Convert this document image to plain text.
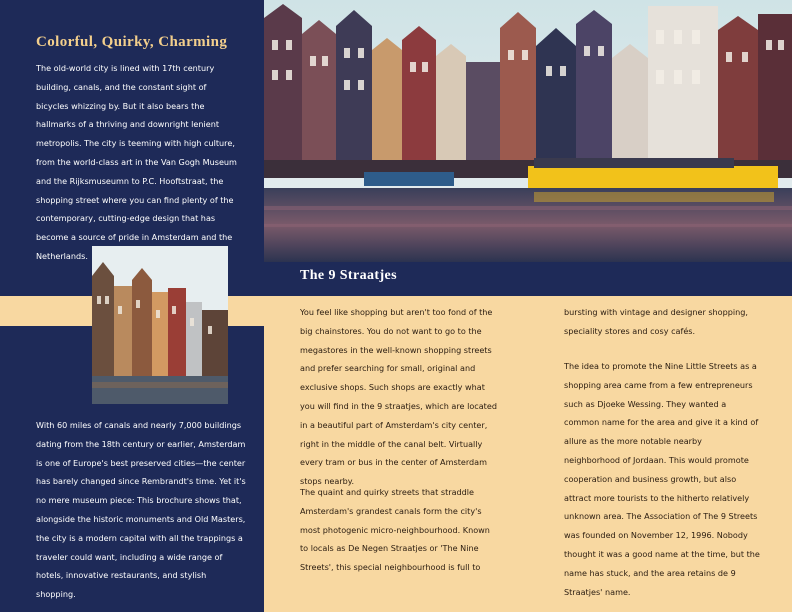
Colorful, Quirky, Charming

The old-world city is lined with 17th century building, canals, and the constant sight of bicycles whizzing by. But it also bears the hallmarks of a thriving and downright lenient metropolis. The city is teeming with high culture, from the world-class art in the Van Gogh Museum and the Rijksmuseumn to P.C. Hooftstraat, the shopping street where you can find plenty of the contemporary, cutting-edge design that has become a source of pride in Amsterdam and the Netherlands.

With 60 miles of canals and nearly 7,000 buildings dating from the 18th century or earlier, Amsterdam is one of Europe's best preserved cities—the center has barely changed since Rembrandt's time. Yet it's no mere museum piece: This brochure shows that, alongside the historic monuments and Old Masters, the city is a modern capital with all the trappings a traveler could want, including a wide range of hotels, innovative restaurants, and stylish shopping.

The 9 Straatjes

You feel like shopping but aren't too fond of the big chainstores. You do not want to go to the megastores in the well-known shopping streets and prefer searching for small, original and exclusive shops. Such shops are exactly what you will find in the 9 straatjes, which are located in a beautiful part of Amsterdam's city center, right in the middle of the canal belt. Virtually every tram or bus in the center of Amsterdam stops nearby.

The quaint and quirky streets that straddle Amsterdam's grandest canals form the city's most photogenic micro-neighbourhood. Known to locals as De Negen Straatjes or 'The Nine Streets', this special neighbourhood is full to

bursting with vintage and designer shopping, speciality stores and cosy cafés.

The idea to promote the Nine Little Streets as a shopping area came from a few entrepreneurs such as Djoeke Wessing. They wanted a common name for the area and give it a kind of allure as the more notable nearby neighborhood of Jordaan. This would promote cooperation and business growth, but also attract more tourists to the hitherto relatively unknown area. The Association of The 9 Streets was founded on November 12, 1996. Nobody thought it was a good name at the time, but the name has stuck, and the area retains de 9 Straatjes' name.
